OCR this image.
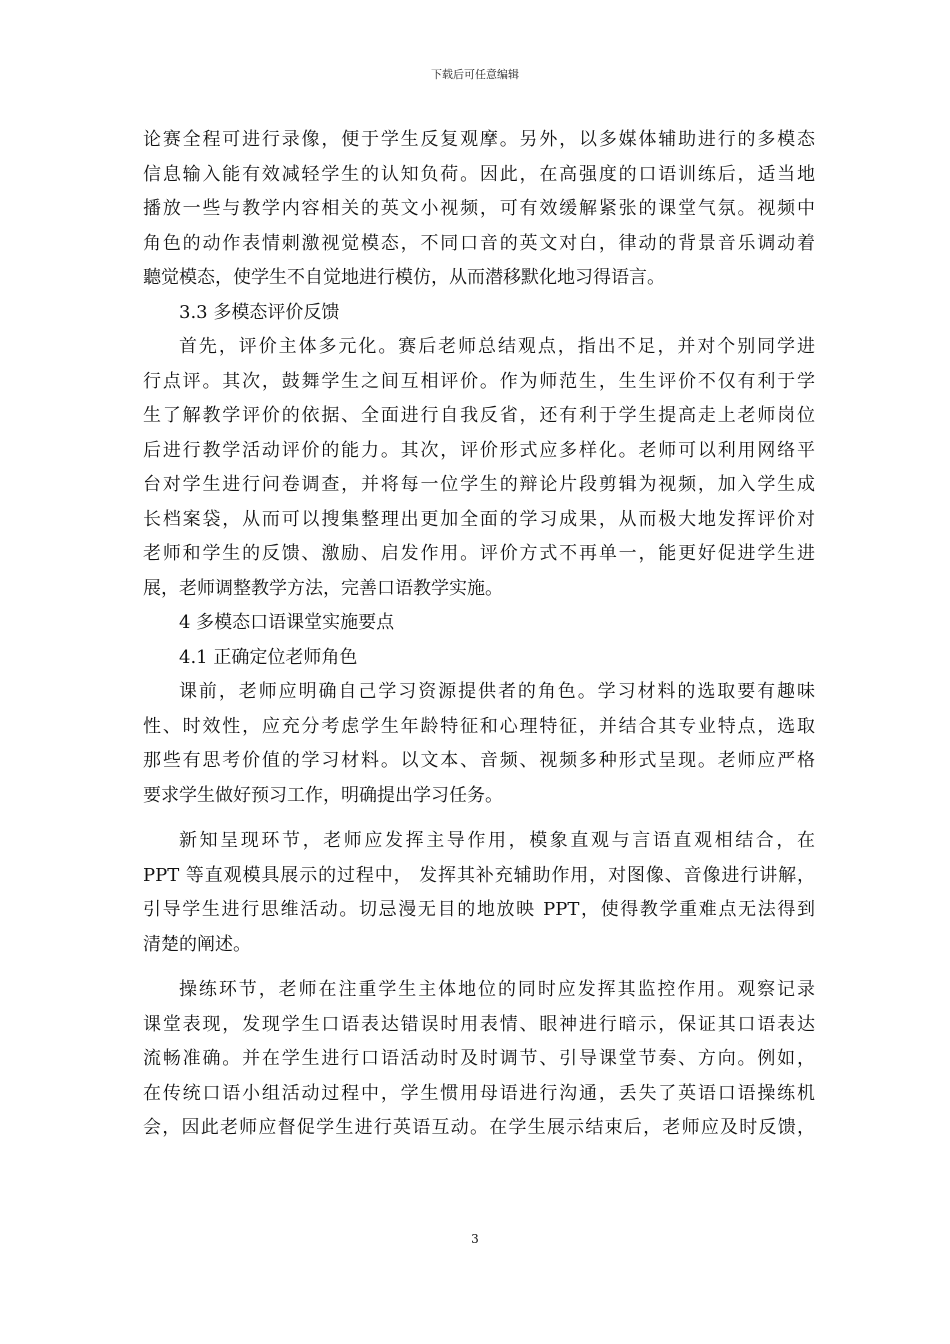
下载后可任意编辑
论赛全程可进行录像，便于学生反复观摩。另外，以多媒体辅助进行的多模态
信息输入能有效减轻学生的认知负荷。因此，在高强度的口语训练后，适当地
播放一些与教学内容相关的英文小视频，可有效缓解紧张的课堂气氛。视频中
角色的动作表情刺激视觉模态，不同口音的英文对白，律动的背景音乐调动着
聽觉模态，使学生不自觉地进行模仿，从而潜移默化地习得语言。
3.3 多模态评价反馈
首先，评价主体多元化。赛后老师总结观点，指出不足，并对个别同学进
行点评。其次，鼓舞学生之间互相评价。作为师范生，生生评价不仅有利于学
生了解教学评价的依据、全面进行自我反省，还有利于学生提高走上老师岗位
后进行教学活动评价的能力。其次，评价形式应多样化。老师可以利用网络平
台对学生进行问卷调查，并将每一位学生的辩论片段剪辑为视频，加入学生成
长档案袋，从而可以搜集整理出更加全面的学习成果，从而极大地发挥评价对
老师和学生的反馈、激励、启发作用。评价方式不再单一，能更好促进学生进
展，老师调整教学方法，完善口语教学实施。
4 多模态口语课堂实施要点
4.1 正确定位老师角色
课前，老师应明确自己学习资源提供者的角色。学习材料的选取要有趣味
性、时效性，应充分考虑学生年龄特征和心理特征，并结合其专业特点，选取
那些有思考价值的学习材料。以文本、音频、视频多种形式呈现。老师应严格
要求学生做好预习工作，明确提出学习任务。
新知呈现环节，老师应发挥主导作用，模象直观与言语直观相结合，在
PPT 等直观模具展示的过程中， 发挥其补充辅助作用，对图像、音像进行讲解，
引导学生进行思维活动。切忌漫无目的地放映 PPT，使得教学重难点无法得到
清楚的阐述。
操练环节，老师在注重学生主体地位的同时应发挥其监控作用。观察记录
课堂表现，发现学生口语表达错误时用表情、眼神进行暗示，保证其口语表达
流畅准确。并在学生进行口语活动时及时调节、引导课堂节奏、方向。例如，
在传统口语小组活动过程中，学生惯用母语进行沟通，丢失了英语口语操练机
会，因此老师应督促学生进行英语互动。在学生展示结束后，老师应及时反馈，
3
